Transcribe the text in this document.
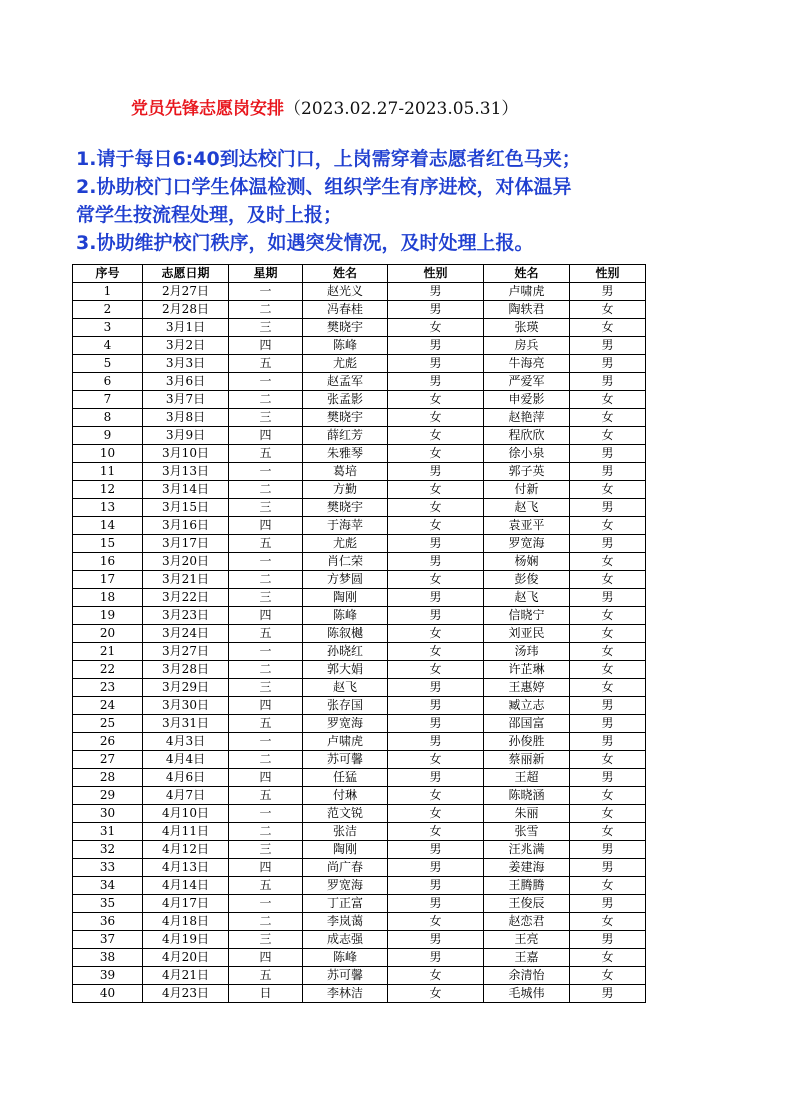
党员先锋志愿岗安排（2023.02.27-2023.05.31）
1.请于每日6:40到达校门口，上岗需穿着志愿者红色马夹；
2.协助校门口学生体温检测、组织学生有序进校，对体温异
常学生按流程处理，及时上报；
3.协助维护校门秩序，如遇突发情况，及时处理上报。
序号	志愿日期	星期	姓名	性别	姓名	性别
1	2月27日	一	赵光义	男	卢啸虎	男
2	2月28日	二	冯春桂	男	陶轶君	女
3	3月1日	三	樊晓宇	女	张瑛	女
4	3月2日	四	陈峰	男	房兵	男
5	3月3日	五	尤彪	男	牛海亮	男
6	3月6日	一	赵孟军	男	严爱军	男
7	3月7日	二	张孟影	女	申爱影	女
8	3月8日	三	樊晓宇	女	赵艳萍	女
9	3月9日	四	薛红芳	女	程欣欣	女
10	3月10日	五	朱雅琴	女	徐小泉	男
11	3月13日	一	葛培	男	郭子英	男
12	3月14日	二	方勤	女	付新	女
13	3月15日	三	樊晓宇	女	赵飞	男
14	3月16日	四	于海苹	女	袁亚平	女
15	3月17日	五	尤彪	男	罗宽海	男
16	3月20日	一	肖仁荣	男	杨娴	女
17	3月21日	二	方梦圆	女	彭俊	女
18	3月22日	三	陶刚	男	赵飞	男
19	3月23日	四	陈峰	男	信晓宁	女
20	3月24日	五	陈叙樾	女	刘亚民	女
21	3月27日	一	孙晓红	女	汤玮	女
22	3月28日	二	郭大娟	女	许芷琳	女
23	3月29日	三	赵飞	男	王惠婷	女
24	3月30日	四	张存国	男	臧立志	男
25	3月31日	五	罗宽海	男	邵国富	男
26	4月3日	一	卢啸虎	男	孙俊胜	男
27	4月4日	二	苏可馨	女	蔡丽新	女
28	4月6日	四	任猛	男	王超	男
29	4月7日	五	付琳	女	陈晓涵	女
30	4月10日	一	范文锐	女	朱丽	女
31	4月11日	二	张洁	女	张雪	女
32	4月12日	三	陶刚	男	汪兆满	男
33	4月13日	四	尚广春	男	姜建海	男
34	4月14日	五	罗宽海	男	王腾腾	女
35	4月17日	一	丁正富	男	王俊辰	男
36	4月18日	二	李岚蔼	女	赵恋君	女
37	4月19日	三	成志强	男	王亮	男
38	4月20日	四	陈峰	男	王嘉	女
39	4月21日	五	苏可馨	女	余清怡	女
40	4月23日	日	李林洁	女	毛城伟	男
